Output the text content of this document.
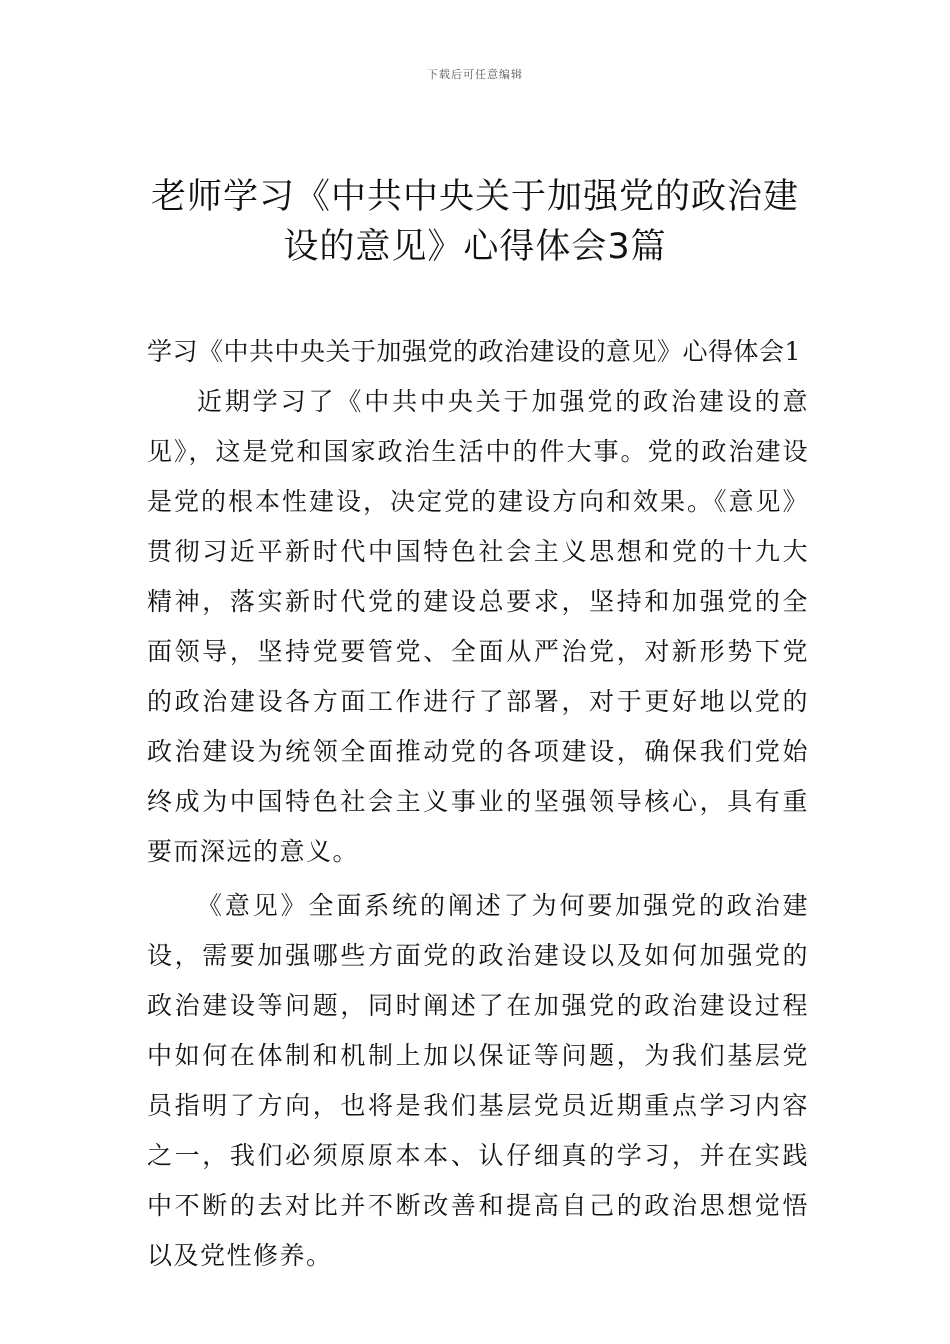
下载后可任意编辑
老师学习《中共中央关于加强党的政治建
设的意见》心得体会3篇

学习《中共中央关于加强党的政治建设的意见》心得体会1

近期学习了《中共中央关于加强党的政治建设的意见》，这是党和国家政治生活中的件大事。党的政治建设是党的根本性建设，决定党的建设方向和效果。《意见》贯彻习近平新时代中国特色社会主义思想和党的十九大精神，落实新时代党的建设总要求，坚持和加强党的全面领导，坚持党要管党、全面从严治党，对新形势下党的政治建设各方面工作进行了部署，对于更好地以党的政治建设为统领全面推动党的各项建设，确保我们党始终成为中国特色社会主义事业的坚强领导核心，具有重要而深远的意义。

《意见》全面系统的阐述了为何要加强党的政治建设，需要加强哪些方面党的政治建设以及如何加强党的政治建设等问题，同时阐述了在加强党的政治建设过程中如何在体制和机制上加以保证等问题，为我们基层党员指明了方向，也将是我们基层党员近期重点学习内容之一，我们必须原原本本、认仔细真的学习，并在实践中不断的去对比并不断改善和提高自己的政治思想觉悟以及党性修养。
